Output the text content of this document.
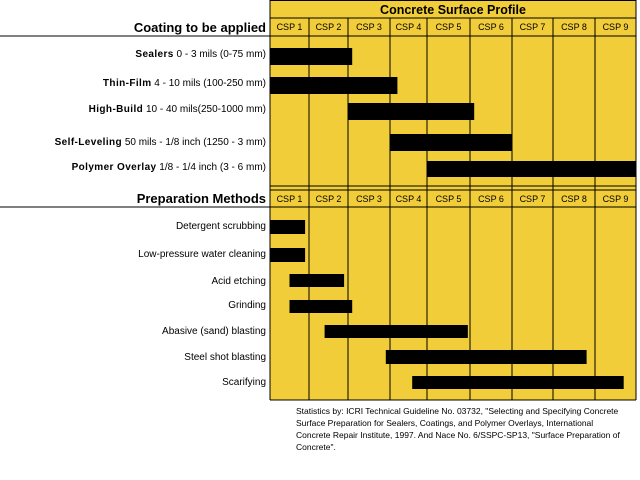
CSP 1 CSP 2 CSP 3 CSP 4 CSP 5 CSP 6 CSP 7 CSP 8 CSP 9
CSP 1 CSP 2 CSP 3 CSP 4 CSP 5 CSP 6 CSP 7 CSP 8 CSP 9
Concrete Surface Profile
Coating to be applied
Preparation Methods
Sealers 0 - 3 mils (0-75 mm)
Thin-Film 4 - 10 mils (100-250 mm)
High-Build 10 - 40 mils(250-1000 mm)
Self-Leveling 50 mils - 1/8 inch (1250 - 3 mm)
Polymer Overlay 1/8 - 1/4 inch (3 - 6 mm)
Detergent scrubbing
Low-pressure water cleaning
Acid etching
Grinding
Abasive (sand) blasting
Steel shot blasting
Scarifying
Statistics by: ICRI Technical Guideline No. 03732, "Selecting and Specifying Concrete Surface Preparation for Sealers, Coatings, and Polymer Overlays, International Concrete Repair Institute, 1997. And Nace No. 6/SSPC-SP13, "Surface Preparation of Concrete".
